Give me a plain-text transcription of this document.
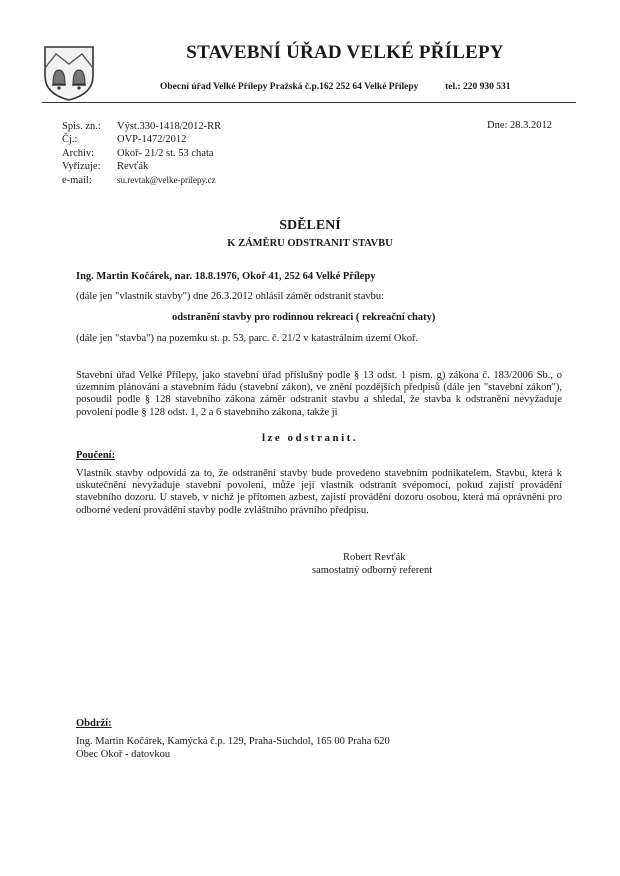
STAVEBNÍ ÚŘAD VELKÉ PŘÍLEPY
Obecní úřad Velké Přílepy Pražská č.p.162 252 64 Velké Přílepy	tel.: 220 930 531
Spis. zn.: Výst.330-1418/2012-RR
Čj.:	OVP-1472/2012
Archiv: Okoř- 21/2 st. 53 chata
Vyřizuje: Revťák
e-mail:	su.revtak@velke-prilepy.cz
Dne: 28.3.2012
SDĚLENÍ
K ZÁMĚRU ODSTRANIT STAVBU
Ing. Martin Kočárek, nar. 18.8.1976, Okoř 41, 252 64 Velké Přílepy
(dále jen "vlastník stavby") dne 26.3.2012 ohlásil záměr odstranit stavbu:
odstranění stavby pro rodinnou rekreaci ( rekreační chaty)
(dále jen "stavba") na pozemku st. p. 53, parc. č. 21/2 v katastrálním území Okoř.
Stavební úřad Velké Přílepy, jako stavební úřad příslušný podle § 13 odst. 1 písm. g) zákona č. 183/2006 Sb., o územním plánování a stavebním řádu (stavební zákon), ve znění pozdějších předpisů (dále jen "stavební zákon"), posoudil podle § 128 stavebního zákona záměr odstranit stavbu a shledal, že stavba k odstranění nevyžaduje povolení podle § 128 odst. 1, 2 a 6 stavebního zákona, takže ji
lze odstranit.
Poučení:
Vlastník stavby odpovídá za to, že odstranění stavby bude provedeno stavebním podnikatelem. Stavbu, která k uskutečnění nevyžaduje stavební povolení, může její vlastník odstranit svépomocí, pokud zajistí provádění stavebního dozoru. U staveb, v nichž je přítomen azbest, zajistí provádění dozoru osobou, která má oprávnění pro odborné vedení provádění stavby podle zvláštního právního předpisu.
Robert Revťák
samostatný odborný referent
Obdrží:
Ing. Martin Kočárek, Kamýcká č.p. 129, Praha-Suchdol, 165 00 Praha 620
Obec Okoř - datovkou
